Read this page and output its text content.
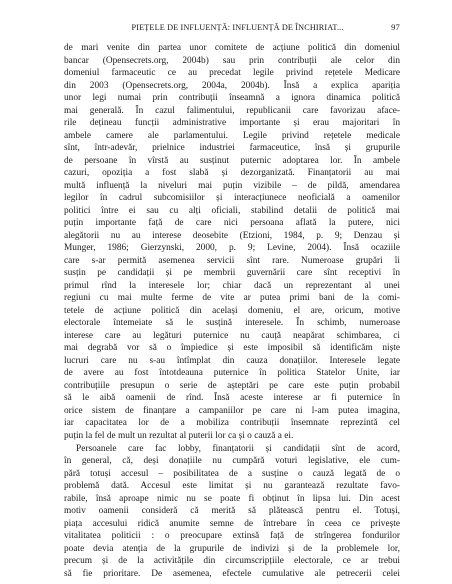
PIEȚELE DE INFLUENȚĂ: INFLUENȚĂ DE ÎNCHIRIAT...	97
de mari venite din partea unor comitete de acțiune politică din domeniul
bancar (Opensecrets.org, 2004b) sau prin contribuții ale celor din
domeniul farmaceutic ce au precedat legile privind rețetele Medicare
din 2003 (Opensecrets.org, 2004a, 2004b). Însă a explica apariția
unor legi numai prin contribuții înseamnă a ignora dinamica politică
mai generală. În cazul falimentului, republicanii care favorizau aface-
rile dețineau funcții administrative importante și erau majoritari în
ambele camere ale parlamentului. Legile privind rețetele medicale
sînt, într-adevăr, prielnice industriei farmaceutice, însă și grupurile
de persoane în vîrstă au susținut puternic adoptarea lor. În ambele
cazuri, opoziția a fost slabă și dezorganizată. Finanțatorii au mai
multă influență la niveluri mai puțin vizibile – de pildă, amendarea
legilor în cadrul subcomisiilor și interacțiunece neoficială a oamenilor
politici între ei sau cu alți oficiali, stabilind detalii de politică mai
puțin importante față de care nici persoana aflată la putere, nici
alegătorii nu au interese deosebite (Etzioni, 1984, p. 9; Denzau și
Munger, 1986; Gierzynski, 2000, p. 9; Levine, 2004). Însă ocaziile
care s-ar permită asemenea servicii sînt rare. Numeroase grupări îi
susțin pe candidații și pe membrii guvernării care sînt receptivi în
primul rînd la interesele lor; chiar dacă un reprezentant al unei
regiuni cu mai multe ferme de vite ar putea primi bani de la comi-
tetele de acțiune politică din același domeniu, el are, oricum, motive
electorale întemeiate să le susțină interesele. În schimb, numeroase
interese care au legături puternice nu cauță neapărat schimbarea, ci
mai degrabă vor să o împiedice și este imposibil să identificăm niște
lucruri care nu s-au întîmplat din cauza donațiilor. Interesele legate
de avere au fost întotdeauna puternice în politica Statelor Unite, iar
contribuțiile presupun o serie de așteptări pe care este puțin probabil
să le aibă oamenii de rînd. Însă aceste interese ar fi puternice în
orice sistem de finanțare a campaniilor pe care ni l-am putea imagina,
iar capacitatea lor de a mobiliza contribuții însemnate reprezintă cel
puțin la fel de mult un rezultat al puterii lor ca și o cauză a ei.
Persoanele care fac lobby, finanțatorii și candidații sînt de acord,
în general, că, deși donațiile nu cumpără voturi legislative, ele cum-
pără totuși accesul – posibilitatea de a susține o cauză legată de o
problemă dată. Accesul este limitat și nu garantează rezultate favo-
rabile, însă aproape nimic nu se poate fi obținut în lipsa lui. Din acest
motiv oamenii consideră că merită să plătească pentru el. Totuși,
piața accesului ridică anumite semne de întrebare în ceea ce privește
vitalitatea politicii : o preocupare extinsă față de strîngerea fondurilor
poate devia atenția de la grupurile de indivizi și de la problemele lor,
precum și de la activitățile din circumscripțiile electorale, ce ar trebui
să fie prioritare. De asemenea, efectele cumulative ale petrecerii celei
